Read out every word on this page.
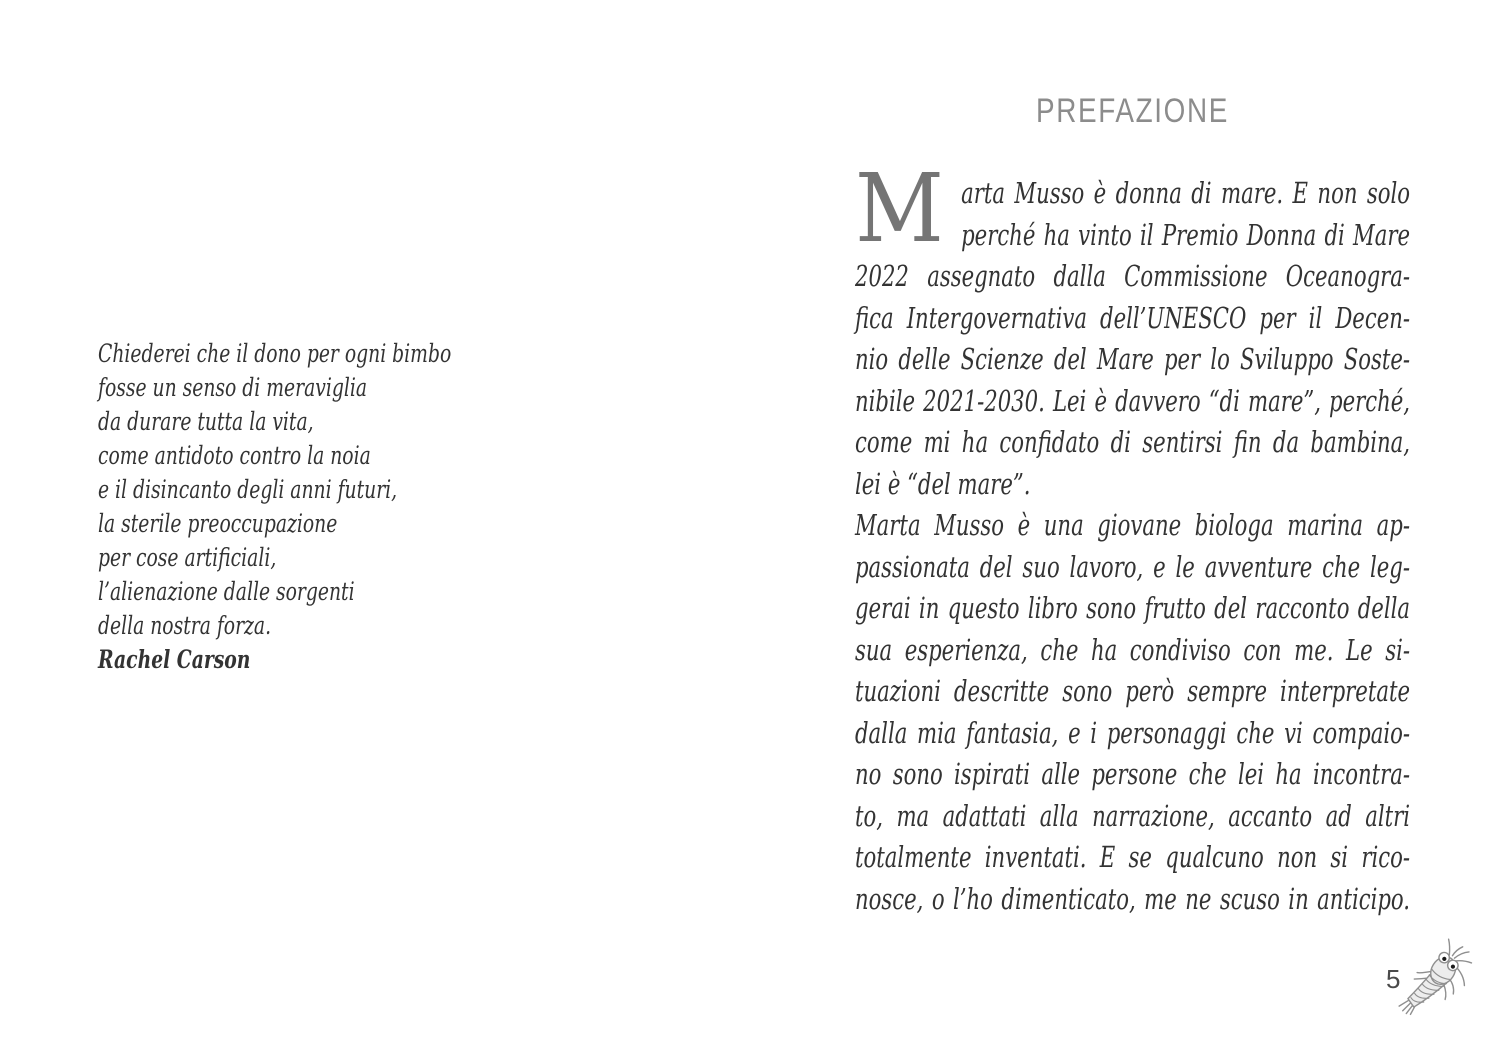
Chiederei che il dono per ogni bimbo
fosse un senso di meraviglia
da durare tutta la vita,
come antidoto contro la noia
e il disincanto degli anni futuri,
la sterile preoccupazione
per cose artificiali,
l’alienazione dalle sorgenti
della nostra forza.
Rachel Carson
PREFAZIONE
M arta Musso è donna di mare. E non solo
perché ha vinto il Premio Donna di Mare
2022 assegnato dalla Commissione Oceanogra-
fica Intergovernativa dell’UNESCO per il Decen-
nio delle Scienze del Mare per lo Sviluppo Soste-
nibile 2021-2030. Lei è davvero “di mare”, perché,
come mi ha confidato di sentirsi fin da bambina,
lei è “del mare”.
Marta Musso è una giovane biologa marina ap-
passionata del suo lavoro, e le avventure che leg-
gerai in questo libro sono frutto del racconto della
sua esperienza, che ha condiviso con me. Le si-
tuazioni descritte sono però sempre interpretate
dalla mia fantasia, e i personaggi che vi compaio-
no sono ispirati alle persone che lei ha incontra-
to, ma adattati alla narrazione, accanto ad altri
totalmente inventati. E se qualcuno non si rico-
nosce, o l’ho dimenticato, me ne scuso in anticipo.
5
